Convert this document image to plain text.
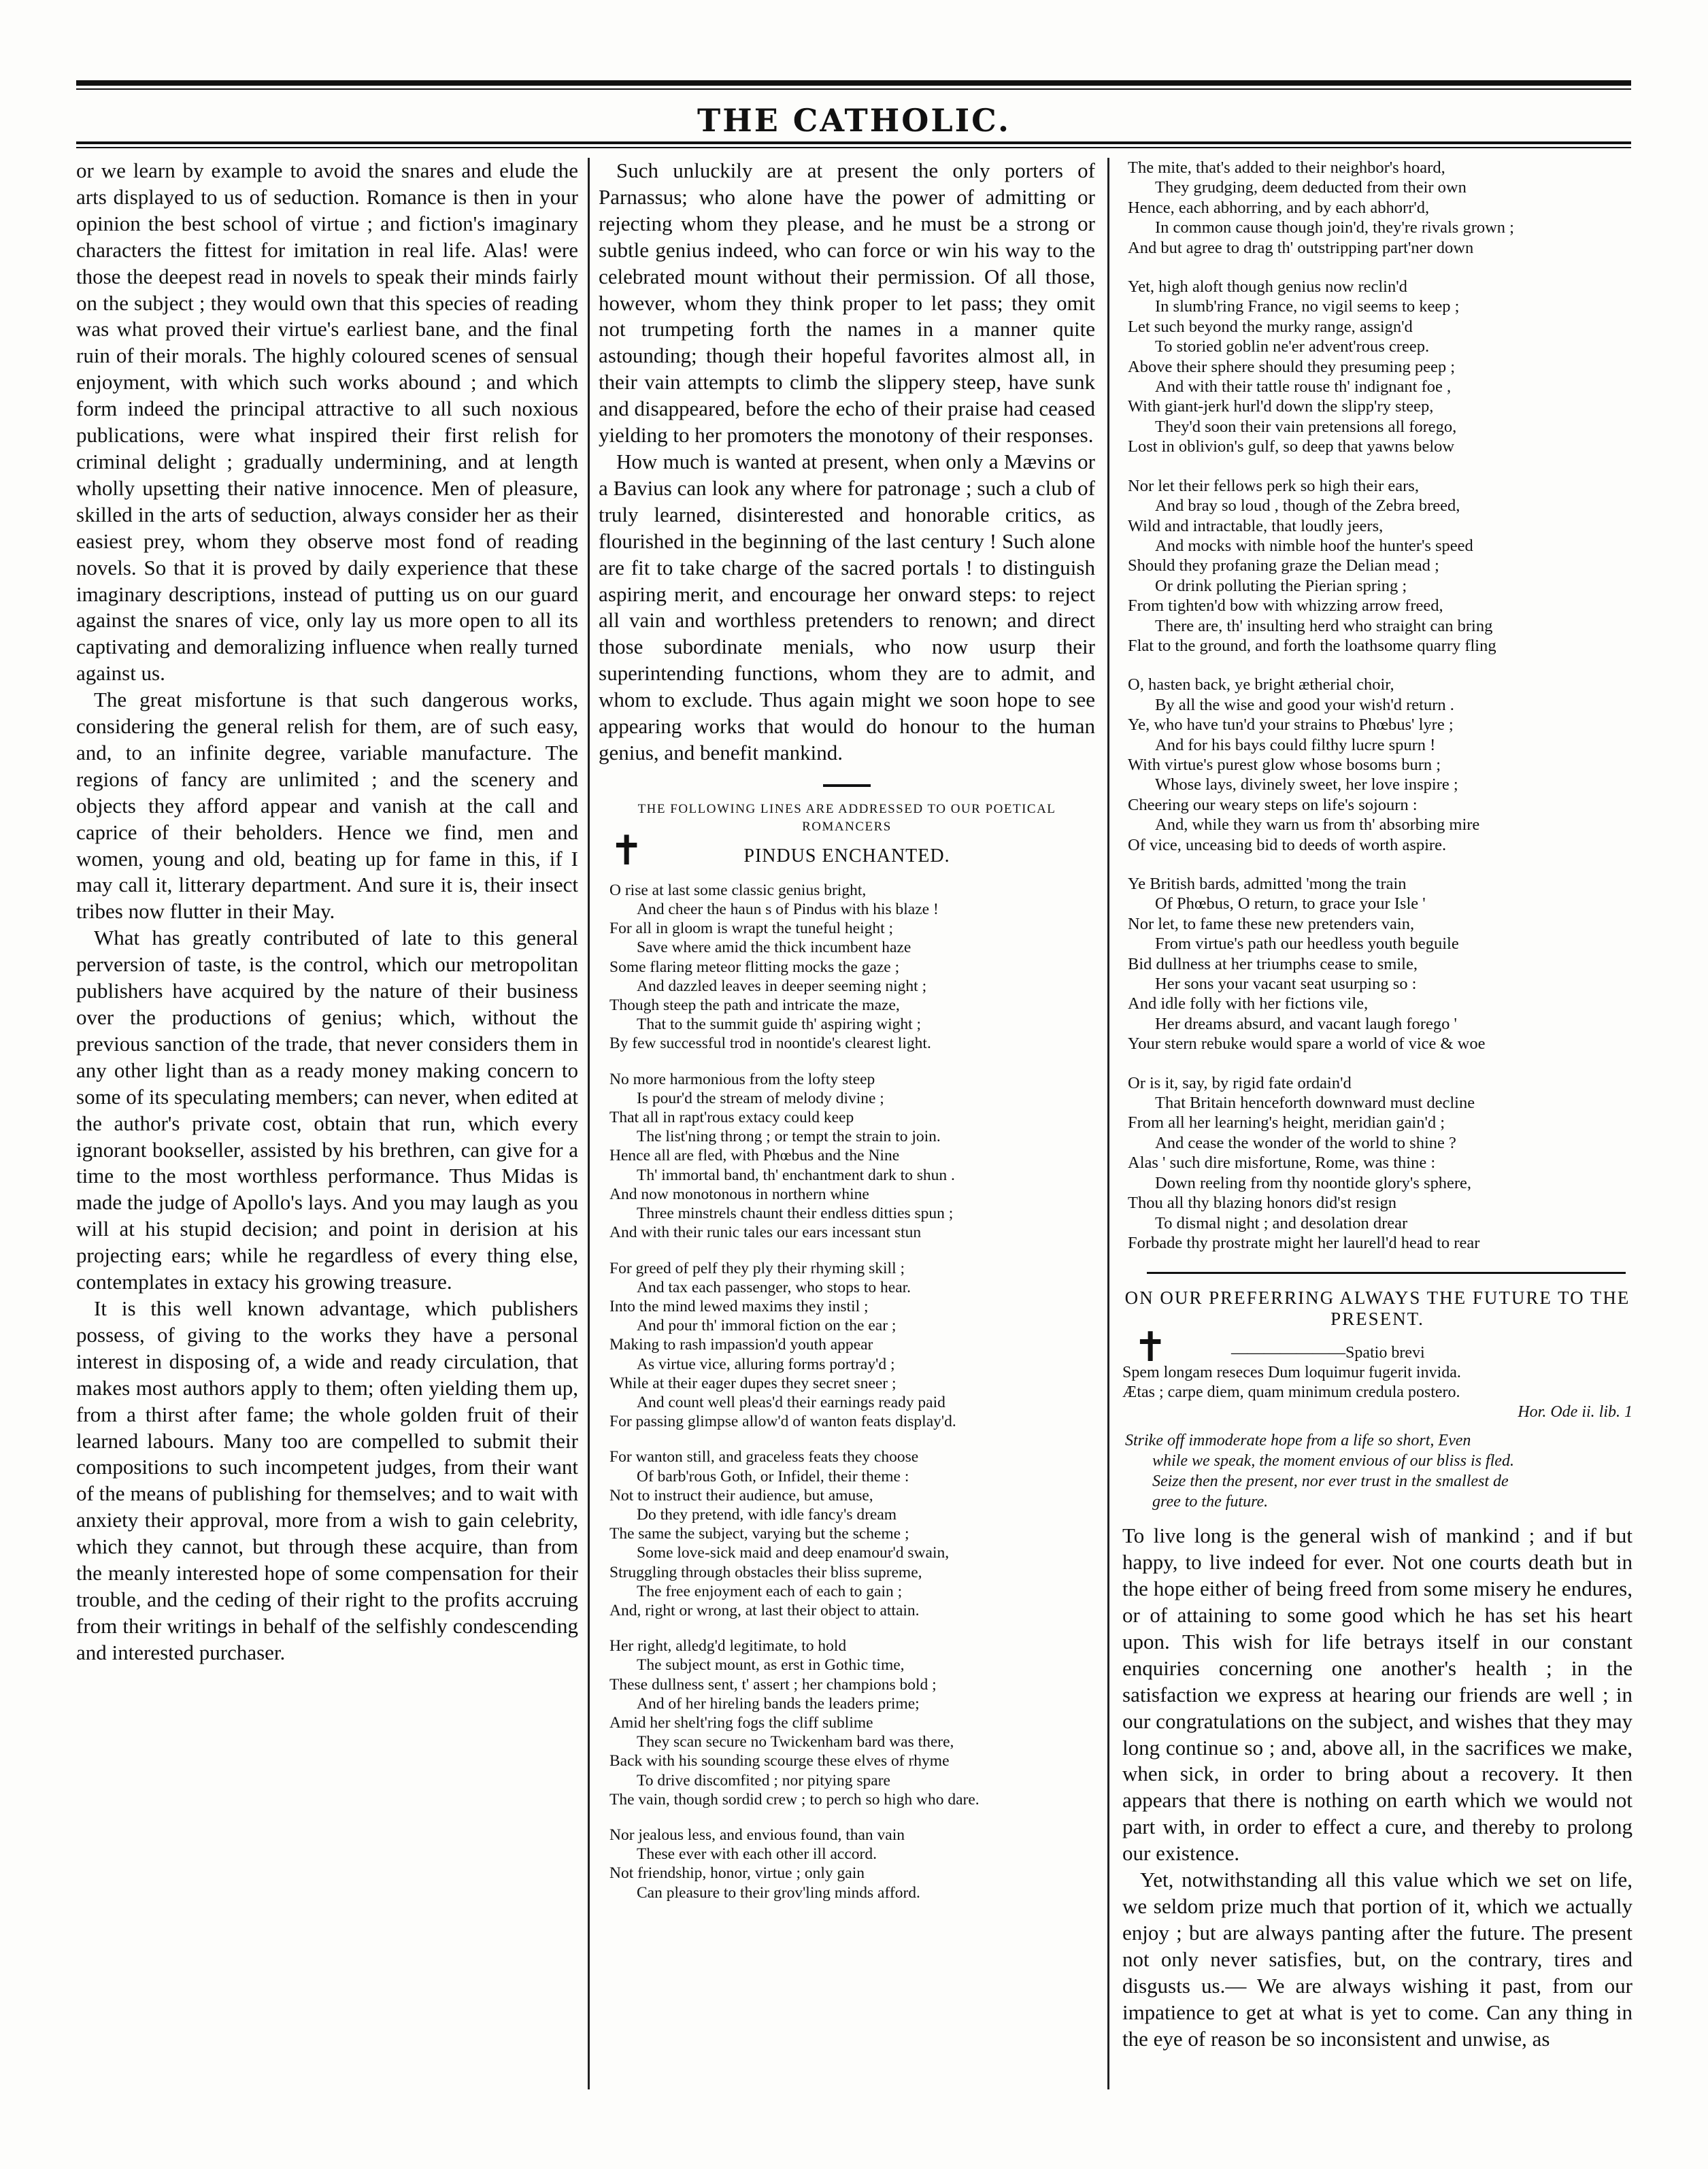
THE CATHOLIC.

or we learn by example to avoid the snares and elude the arts displayed to us of seduction. Romance is then in your opinion the best school of virtue ; and fiction's imaginary characters the fittest for imitation in real life. Alas! were those the deepest read in novels to speak their minds fairly on the subject ; they would own that this species of reading was what proved their virtue's earliest bane, and the final ruin of their morals. The highly coloured scenes of sensual enjoyment, with which such works abound ; and which form indeed the principal attractive to all such noxious publications, were what inspired their first relish for criminal delight ; gradually undermining, and at length wholly upsetting their native innocence. Men of pleasure, skilled in the arts of seduction, always consider her as their easiest prey, whom they observe most fond of reading novels. So that it is proved by daily experience that these imaginary descriptions, instead of putting us on our guard against the snares of vice, only lay us more open to all its captivating and demoralizing influence when really turned against us.

The great misfortune is that such dangerous works, considering the general relish for them, are of such easy, and, to an infinite degree, variable manufacture. The regions of fancy are unlimited ; and the scenery and objects they afford appear and vanish at the call and caprice of their beholders. Hence we find, men and women, young and old, beating up for fame in this, if I may call it, litterary department. And sure it is, their insect tribes now flutter in their May.

What has greatly contributed of late to this general perversion of taste, is the control, which our metropolitan publishers have acquired by the nature of their business over the productions of genius; which, without the previous sanction of the trade, that never considers them in any other light than as a ready money making concern to some of its speculating members; can never, when edited at the author's private cost, obtain that run, which every ignorant bookseller, assisted by his brethren, can give for a time to the most worthless performance. Thus Midas is made the judge of Apollo's lays. And you may laugh as you will at his stupid decision; and point in derision at his projecting ears; while he regardless of every thing else, contemplates in extacy his growing treasure.

It is this well known advantage, which publishers possess, of giving to the works they have a personal interest in disposing of, a wide and ready circulation, that makes most authors apply to them; often yielding them up, from a thirst after fame; the whole golden fruit of their learned labours. Many too are compelled to submit their compositions to such incompetent judges, from their want of the means of publishing for themselves; and to wait with anxiety their approval, more from a wish to gain celebrity, which they cannot, but through these acquire, than from the meanly interested hope of some compensation for their trouble, and the ceding of their right to the profits accruing from their writings in behalf of the selfishly condescending and interested purchaser.

Such unluckily are at present the only porters of Parnassus; who alone have the power of admitting or rejecting whom they please, and he must be a strong or subtle genius indeed, who can force or win his way to the celebrated mount without their permission. Of all those, however, whom they think proper to let pass; they omit not trumpeting forth the names in a manner quite astounding; though their hopeful favorites almost all, in their vain attempts to climb the slippery steep, have sunk and disappeared, before the echo of their praise had ceased yielding to her promoters the monotony of their responses.

How much is wanted at present, when only a Mævins or a Bavius can look any where for patronage ; such a club of truly learned, disinterested and honorable critics, as flourished in the beginning of the last century ! Such alone are fit to take charge of the sacred portals ! to distinguish aspiring merit, and encourage her onward steps: to reject all vain and worthless pretenders to renown; and direct those subordinate menials, who now usurp their superintending functions, whom they are to admit, and whom to exclude. Thus again might we soon hope to see appearing works that would do honour to the human genius, and benefit mankind.

THE FOLLOWING LINES ARE ADDRESSED TO OUR POETICAL ROMANCERS
✝	PINDUS ENCHANTED.
O rise at last some classic genius bright,
And cheer the haun s of Pindus with his blaze !
For all in gloom is wrapt the tuneful height ;
Save where amid the thick incumbent haze
Some flaring meteor flitting mocks the gaze ;
And dazzled leaves in deeper seeming night ;
Though steep the path and intricate the maze,
That to the summit guide th' aspiring wight ;
By few successful trod in noontide's clearest light.
No more harmonious from the lofty steep
Is pour'd the stream of melody divine ;
That all in rapt'rous extacy could keep
The list'ning throng ; or tempt the strain to join.
Hence all are fled, with Phœbus and the Nine
Th' immortal band, th' enchantment dark to shun .
And now monotonous in northern whine
Three minstrels chaunt their endless ditties spun ;
And with their runic tales our ears incessant stun
For greed of pelf they ply their rhyming skill ;
And tax each passenger, who stops to hear.
Into the mind lewed maxims they instil ;
And pour th' immoral fiction on the ear ;
Making to rash impassion'd youth appear
As virtue vice, alluring forms portray'd ;
While at their eager dupes they secret sneer ;
And count well pleas'd their earnings ready paid
For passing glimpse allow'd of wanton feats display'd.
For wanton still, and graceless feats they choose
Of barb'rous Goth, or Infidel, their theme :
Not to instruct their audience, but amuse,
Do they pretend, with idle fancy's dream
The same the subject, varying but the scheme ;
Some love-sick maid and deep enamour'd swain,
Struggling through obstacles their bliss supreme,
The free enjoyment each of each to gain ;
And, right or wrong, at last their object to attain.
Her right, alledg'd legitimate, to hold
The subject mount, as erst in Gothic time,
These dullness sent, t' assert ; her champions bold ;
And of her hireling bands the leaders prime;
Amid her shelt'ring fogs the cliff sublime
They scan secure no Twickenham bard was there,
Back with his sounding scourge these elves of rhyme
To drive discomfited ; nor pitying spare
The vain, though sordid crew ; to perch so high who dare.
Nor jealous less, and envious found, than vain
These ever with each other ill accord.
Not friendship, honor, virtue ; only gain
Can pleasure to their grov'ling minds afford.
The mite, that's added to their neighbor's hoard,
They grudging, deem deducted from their own
Hence, each abhorring, and by each abhorr'd,
In common cause though join'd, they're rivals grown ;
And but agree to drag th' outstripping part'ner down
Yet, high aloft though genius now reclin'd
In slumb'ring France, no vigil seems to keep ;
Let such beyond the murky range, assign'd
To storied goblin ne'er advent'rous creep.
Above their sphere should they presuming peep ;
And with their tattle rouse th' indignant foe ,
With giant-jerk hurl'd down the slipp'ry steep,
They'd soon their vain pretensions all forego,
Lost in oblivion's gulf, so deep that yawns below
Nor let their fellows perk so high their ears,
And bray so loud , though of the Zebra breed,
Wild and intractable, that loudly jeers,
And mocks with nimble hoof the hunter's speed
Should they profaning graze the Delian mead ;
Or drink polluting the Pierian spring ;
From tighten'd bow with whizzing arrow freed,
There are, th' insulting herd who straight can bring
Flat to the ground, and forth the loathsome quarry fling
O, hasten back, ye bright ætherial choir,
By all the wise and good your wish'd return .
Ye, who have tun'd your strains to Phœbus' lyre ;
And for his bays could filthy lucre spurn !
With virtue's purest glow whose bosoms burn ;
Whose lays, divinely sweet, her love inspire ;
Cheering our weary steps on life's sojourn :
And, while they warn us from th' absorbing mire
Of vice, unceasing bid to deeds of worth aspire.
Ye British bards, admitted 'mong the train
Of Phœbus, O return, to grace your Isle '
Nor let, to fame these new pretenders vain,
From virtue's path our heedless youth beguile
Bid dullness at her triumphs cease to smile,
Her sons your vacant seat usurping so :
And idle folly with her fictions vile,
Her dreams absurd, and vacant laugh forego '
Your stern rebuke would spare a world of vice & woe
Or is it, say, by rigid fate ordain'd
That Britain henceforth downward must decline
From all her learning's height, meridian gain'd ;
And cease the wonder of the world to shine ?
Alas ' such dire misfortune, Rome, was thine :
Down reeling from thy noontide glory's sphere,
Thou all thy blazing honors did'st resign
To dismal night ; and desolation drear
Forbade thy prostrate might her laurell'd head to rear
ON OUR PREFERRING ALWAYS THE FUTURE TO THE PRESENT.
✝	———————Spatio brevi
Spem longam reseces Dum loquimur fugerit invida.
Ætas ; carpe diem, quam minimum credula postero.
Hor. Ode ii. lib. 1
Strike off immoderate hope from a life so short, Even
while we speak, the moment envious of our bliss is fled.
Seize then the present, nor ever trust in the smallest de
gree to the future.

To live long is the general wish of mankind ; and if but happy, to live indeed for ever. Not one courts death but in the hope either of being freed from some misery he endures, or of attaining to some good which he has set his heart upon. This wish for life betrays itself in our constant enquiries concerning one another's health ; in the satisfaction we express at hearing our friends are well ; in our congratulations on the subject, and wishes that they may long continue so ; and, above all, in the sacrifices we make, when sick, in order to bring about a recovery. It then appears that there is nothing on earth which we would not part with, in order to effect a cure, and thereby to prolong our existence.

Yet, notwithstanding all this value which we set on life, we seldom prize much that portion of it, which we actually enjoy ; but are always panting after the future. The present not only never satisfies, but, on the contrary, tires and disgusts us.— We are always wishing it past, from our impatience to get at what is yet to come. Can any thing in the eye of reason be so inconsistent and unwise, as
